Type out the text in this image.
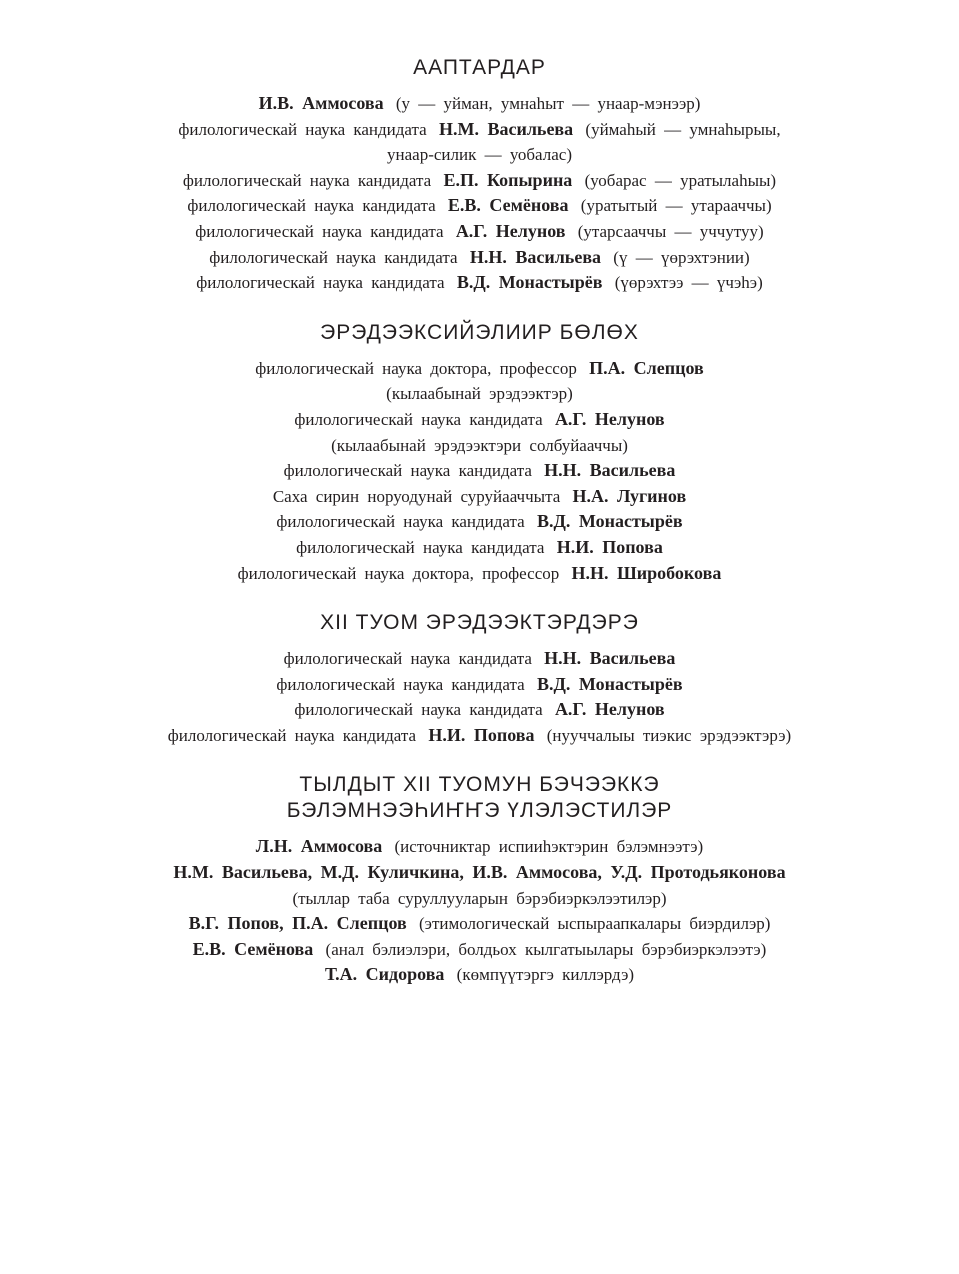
ААПТАРДАР
И.В. Аммосова (у — уйман, умнаһыт — унаар-мэнээр)
филологическай наука кандидата Н.М. Васильева (уймаһый — умнаһырыы,
унаар-силик — уобалас)
филологическай наука кандидата Е.П. Копырина (уобарас — уратылаһыы)
филологическай наука кандидата Е.В. Семёнова (уратытый — утарааччы)
филологическай наука кандидата А.Г. Нелунов (утарсааччы — уччутуу)
филологическай наука кандидата Н.Н. Васильева (ү — үөрэхтэнии)
филологическай наука кандидата В.Д. Монастырёв (үөрэхтээ — үчэһэ)
ЭРЭДЭЭКСИЙЭЛИИР БӨЛӨХ
филологическай наука доктора, профессор П.А. Слепцов
(кылаабынай эрэдээктэр)
филологическай наука кандидата А.Г. Нелунов
(кылаабынай эрэдээктэри солбуйааччы)
филологическай наука кандидата Н.Н. Васильева
Саха сирин норуодунай суруйааччыта Н.А. Лугинов
филологическай наука кандидата В.Д. Монастырёв
филологическай наука кандидата Н.И. Попова
филологическай наука доктора, профессор Н.Н. Широбокова
XII ТУОМ ЭРЭДЭЭКТЭРДЭРЭ
филологическай наука кандидата Н.Н. Васильева
филологическай наука кандидата В.Д. Монастырёв
филологическай наука кандидата А.Г. Нелунов
филологическай наука кандидата Н.И. Попова (нууччалыы тиэкис эрэдээктэрэ)
ТЫЛДЫТ XII ТУОМУН БЭЧЭЭККЭ
БЭЛЭМНЭЭҺИҤҤЭ ҮЛЭЛЭСТИЛЭР
Л.Н. Аммосова (источниктар испииһэктэрин бэлэмнээтэ)
Н.М. Васильева, М.Д. Куличкина, И.В. Аммосова, У.Д. Протодьяконова
(тыллар таба суруллууларын бэрэбиэркэлээтилэр)
В.Г. Попов, П.А. Слепцов (этимологическай ыспыраапкалары биэрдилэр)
Е.В. Семёнова (анал бэлиэлэри, болдьох кылгатыылары бэрэбиэркэлээтэ)
Т.А. Сидорова (көмпүүтэргэ киллэрдэ)
